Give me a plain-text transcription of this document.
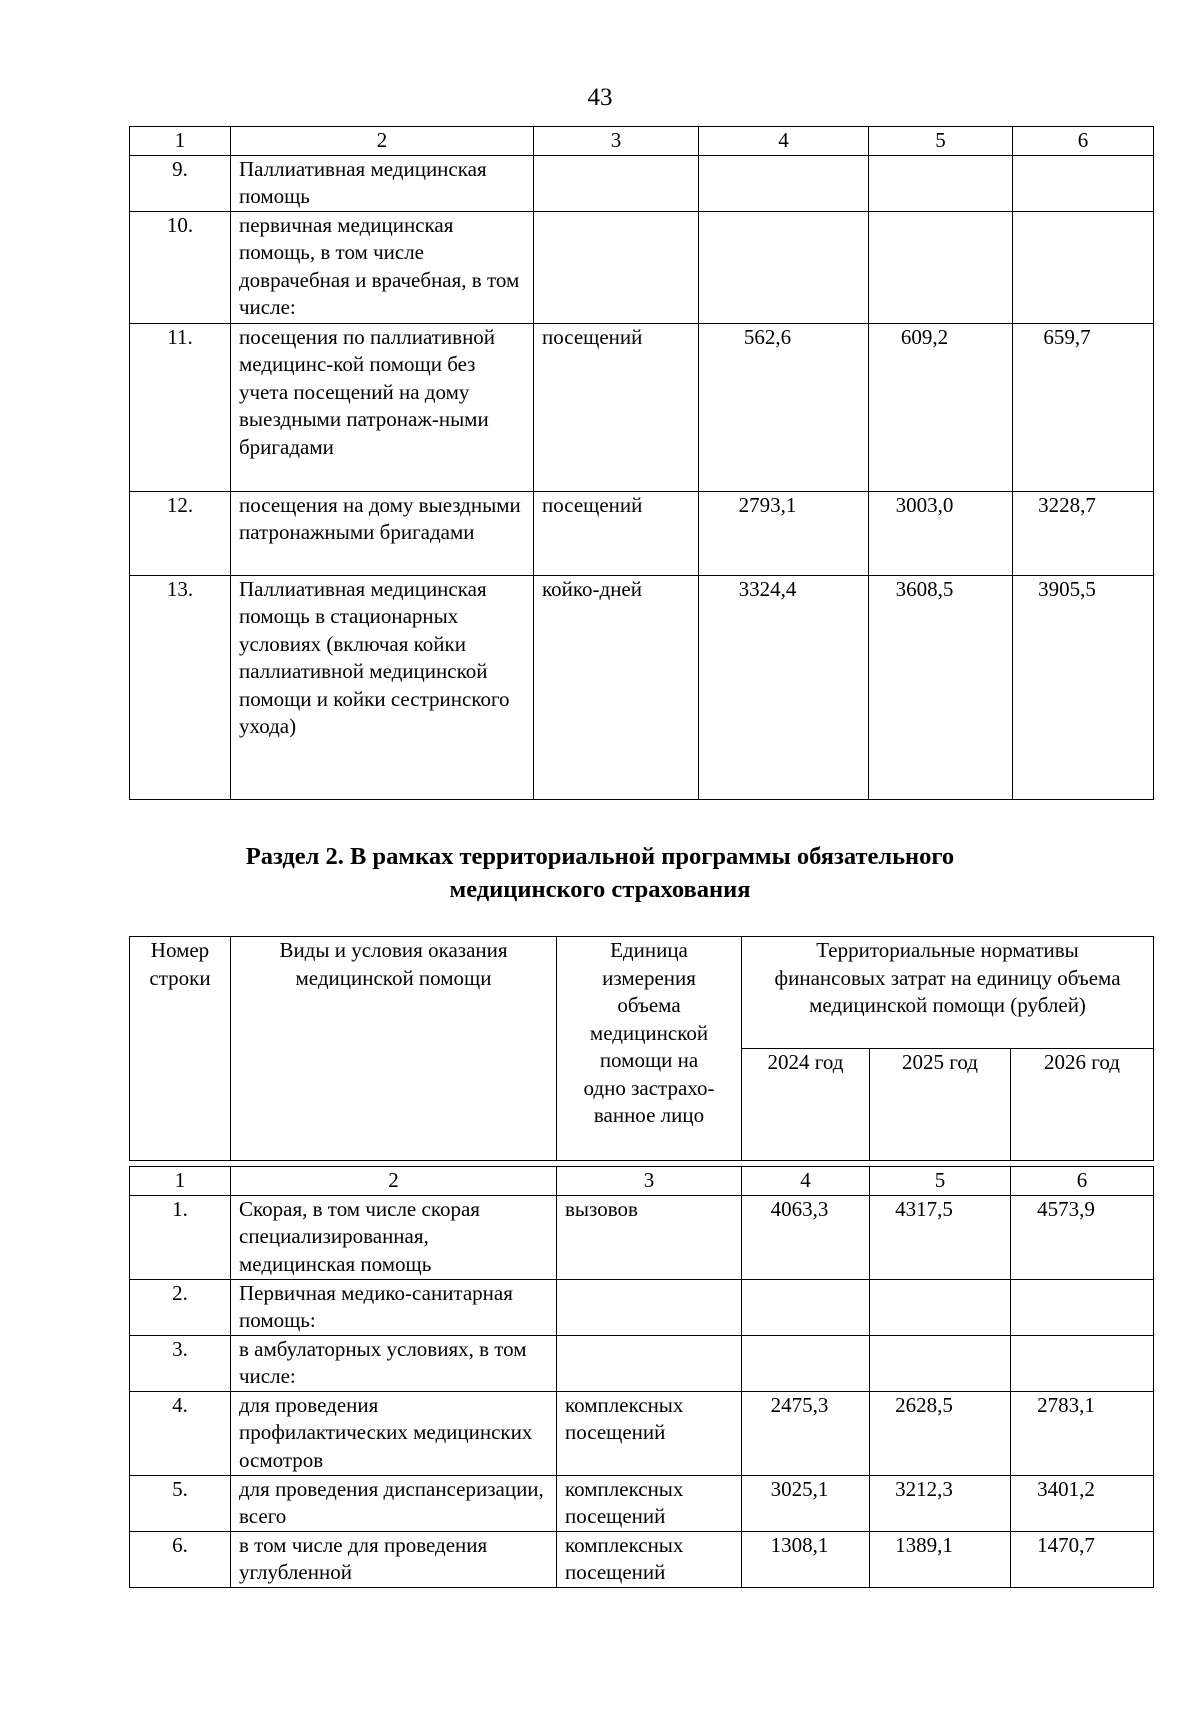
43
1	2	3	4	5	6
9.	Паллиативная медицинская помощь				
10.	первичная медицинская помощь, в том числе доврачебная и врачебная, в том числе:				
11.	посещения по паллиативной медицинс-кой помощи без учета посещений на дому выездными патронаж-ными бригадами	посещений	562,6	609,2	659,7
12.	посещения на дому выездными патронажными бригадами	посещений	2793,1	3003,0	3228,7
13.	Паллиативная медицинская помощь в стационарных условиях (включая койки паллиативной медицинской помощи и койки сестринского ухода)	койко-дней	3324,4	3608,5	3905,5
Раздел 2. В рамках территориальной программы обязательного
медицинского страхования
Номер строки	Виды и условия оказания медицинской помощи	Единица измерения объема медицинской помощи на одно застрахо-ванное лицо	Территориальные нормативы финансовых затрат на единицу объема медицинской помощи (рублей)		
			2024 год	2025 год	2026 год
1	2	3	4	5	6
1.	Скорая, в том числе скорая специализированная, медицинская помощь	вызовов	4063,3	4317,5	4573,9
2.	Первичная медико-санитарная помощь:				
3.	в амбулаторных условиях, в том числе:				
4.	для проведения профилактических медицинских осмотров	комплексных посещений	2475,3	2628,5	2783,1
5.	для проведения диспансеризации, всего	комплексных посещений	3025,1	3212,3	3401,2
6.	в том числе для проведения углубленной	комплексных посещений	1308,1	1389,1	1470,7
